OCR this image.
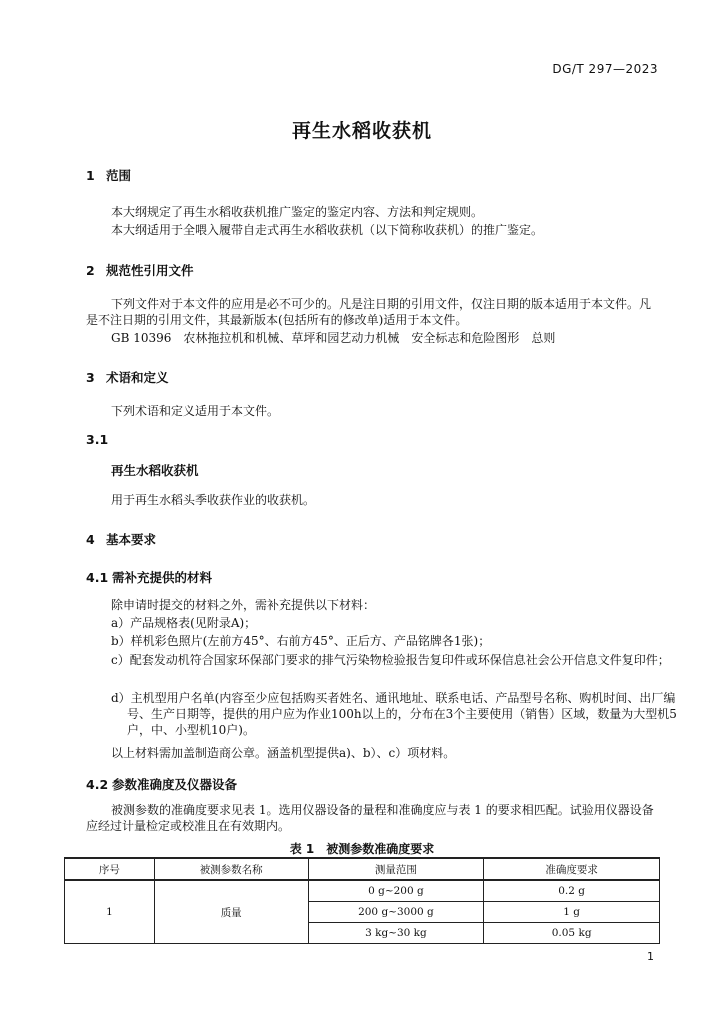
DG/T 297—2023
再生水稻收获机
1 范围
本大纲规定了再生水稻收获机推广鉴定的鉴定内容、方法和判定规则。
本大纲适用于全喂入履带自走式再生水稻收获机（以下简称收获机）的推广鉴定。
2 规范性引用文件
下列文件对于本文件的应用是必不可少的。凡是注日期的引用文件，仅注日期的版本适用于本文件。凡是不注日期的引用文件，其最新版本(包括所有的修改单)适用于本文件。
GB 10396　农林拖拉机和机械、草坪和园艺动力机械　安全标志和危险图形　总则
3 术语和定义
下列术语和定义适用于本文件。
3.1
再生水稻收获机
用于再生水稻头季收获作业的收获机。
4 基本要求
4.1 需补充提供的材料
除申请时提交的材料之外，需补充提供以下材料：
a）产品规格表(见附录A)；
b）样机彩色照片(左前方45°、右前方45°、正后方、产品铭牌各1张)；
c）配套发动机符合国家环保部门要求的排气污染物检验报告复印件或环保信息社会公开信息文件复印件；
d）主机型用户名单(内容至少应包括购买者姓名、通讯地址、联系电话、产品型号名称、购机时间、出厂编号、生产日期等，提供的用户应为作业100h以上的，分布在3个主要使用（销售）区域，数量为大型机5户，中、小型机10户)。
以上材料需加盖制造商公章。涵盖机型提供a)、b）、c）项材料。
4.2 参数准确度及仪器设备
被测参数的准确度要求见表 1。选用仪器设备的量程和准确度应与表 1 的要求相匹配。试验用仪器设备应经过计量检定或校准且在有效期内。
表 1　被测参数准确度要求
序号	被测参数名称	测量范围	准确度要求
1	质量	0 g~200 g	0.2 g
		200 g~3000 g	1 g
		3 kg~30 kg	0.05 kg
1
